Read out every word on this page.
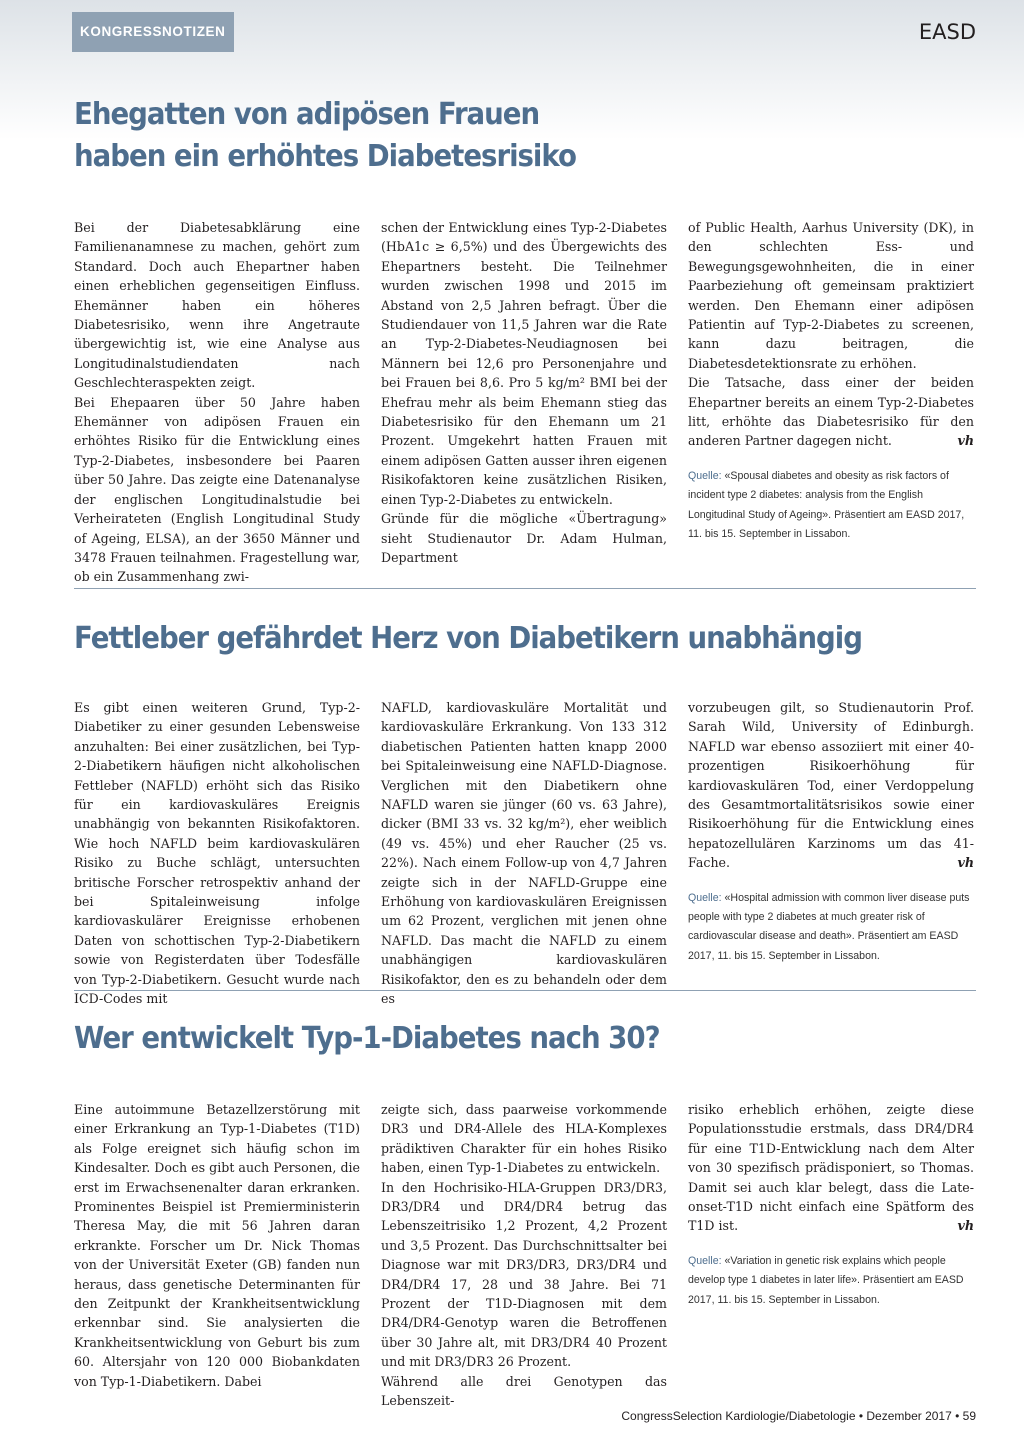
KONGRESSNOTIZEN	EASD
Ehegatten von adipösen Frauen
haben ein erhöhtes Diabetesrisiko

Bei der Diabetesabklärung eine Familienanamnese zu machen, gehört zum Standard. Doch auch Ehepartner haben einen erheblichen gegenseitigen Einfluss. Ehemänner haben ein höheres Diabetesrisiko, wenn ihre Angetraute übergewichtig ist, wie eine Analyse aus Longitudinalstudiendaten nach Geschlechteraspekten zeigt.

Bei Ehepaaren über 50 Jahre haben Ehemänner von adipösen Frauen ein erhöhtes Risiko für die Entwicklung eines Typ-2-Diabetes, insbesondere bei Paaren über 50 Jahre. Das zeigte eine Datenanalyse der englischen Longitudinalstudie bei Verheirateten (English Longitudinal Study of Ageing, ELSA), an der 3650 Männer und 3478 Frauen teilnahmen. Fragestellung war, ob ein Zusammenhang zwi-

schen der Entwicklung eines Typ-2-Diabetes (HbA1c ≥ 6,5%) und des Übergewichts des Ehepartners besteht. Die Teilnehmer wurden zwischen 1998 und 2015 im Abstand von 2,5 Jahren befragt. Über die Studiendauer von 11,5 Jahren war die Rate an Typ-2-Diabetes-Neudiagnosen bei Männern bei 12,6 pro Personenjahre und bei Frauen bei 8,6. Pro 5 kg/m² BMI bei der Ehefrau mehr als beim Ehemann stieg das Diabetesrisiko für den Ehemann um 21 Prozent. Umgekehrt hatten Frauen mit einem adipösen Gatten ausser ihren eigenen Risikofaktoren keine zusätzlichen Risiken, einen Typ-2-Diabetes zu entwickeln.

Gründe für die mögliche «Übertragung» sieht Studienautor Dr. Adam Hulman, Department

of Public Health, Aarhus University (DK), in den schlechten Ess- und Bewegungsgewohnheiten, die in einer Paarbeziehung oft gemeinsam praktiziert werden. Den Ehemann einer adipösen Patientin auf Typ-2-Diabetes zu screenen, kann dazu beitragen, die Diabetesdetektionsrate zu erhöhen.

Die Tatsache, dass einer der beiden Ehepartner bereits an einem Typ-2-Diabetes litt, erhöhte das Diabetesrisiko für den anderen Partner dagegen nicht.	vh

Quelle: «Spousal diabetes and obesity as risk factors of incident type 2 diabetes: analysis from the English Longitudinal Study of Ageing». Präsentiert am EASD 2017, 11. bis 15. September in Lissabon.

Fettleber gefährdet Herz von Diabetikern unabhängig

Es gibt einen weiteren Grund, Typ-2-Diabetiker zu einer gesunden Lebensweise anzuhalten: Bei einer zusätzlichen, bei Typ-2-Diabetikern häufigen nicht alkoholischen Fettleber (NAFLD) erhöht sich das Risiko für ein kardiovaskuläres Ereignis unabhängig von bekannten Risikofaktoren. Wie hoch NAFLD beim kardiovaskulären Risiko zu Buche schlägt, untersuchten britische Forscher retrospektiv anhand der bei Spitaleinweisung infolge kardiovaskulärer Ereignisse erhobenen Daten von schottischen Typ-2-Diabetikern sowie von Registerdaten über Todesfälle von Typ-2-Diabetikern. Gesucht wurde nach ICD-Codes mit

NAFLD, kardiovaskuläre Mortalität und kardiovaskuläre Erkrankung. Von 133 312 diabetischen Patienten hatten knapp 2000 bei Spitaleinweisung eine NAFLD-Diagnose. Verglichen mit den Diabetikern ohne NAFLD waren sie jünger (60 vs. 63 Jahre), dicker (BMI 33 vs. 32 kg/m²), eher weiblich (49 vs. 45%) und eher Raucher (25 vs. 22%). Nach einem Follow-up von 4,7 Jahren zeigte sich in der NAFLD-Gruppe eine Erhöhung von kardiovaskulären Ereignissen um 62 Prozent, verglichen mit jenen ohne NAFLD. Das macht die NAFLD zu einem unabhängigen kardiovaskulären Risikofaktor, den es zu behandeln oder dem es

vorzubeugen gilt, so Studienautorin Prof. Sarah Wild, University of Edinburgh. NAFLD war ebenso assoziiert mit einer 40-prozentigen Risikoerhöhung für kardiovaskulären Tod, einer Verdoppelung des Gesamtmortalitätsrisikos sowie einer Risikoerhöhung für die Entwicklung eines hepatozellulären Karzinoms um das 41-Fache.	vh

Quelle: «Hospital admission with common liver disease puts people with type 2 diabetes at much greater risk of cardiovascular disease and death». Präsentiert am EASD 2017, 11. bis 15. September in Lissabon.

Wer entwickelt Typ-1-Diabetes nach 30?

Eine autoimmune Betazellzerstörung mit einer Erkrankung an Typ-1-Diabetes (T1D) als Folge ereignet sich häufig schon im Kindesalter. Doch es gibt auch Personen, die erst im Erwachsenenalter daran erkranken. Prominentes Beispiel ist Premierministerin Theresa May, die mit 56 Jahren daran erkrankte. Forscher um Dr. Nick Thomas von der Universität Exeter (GB) fanden nun heraus, dass genetische Determinanten für den Zeitpunkt der Krankheitsentwicklung erkennbar sind. Sie analysierten die Krankheitsentwicklung von Geburt bis zum 60. Altersjahr von 120 000 Biobankdaten von Typ-1-Diabetikern. Dabei

zeigte sich, dass paarweise vorkommende DR3 und DR4-Allele des HLA-Komplexes prädiktiven Charakter für ein hohes Risiko haben, einen Typ-1-Diabetes zu entwickeln.

In den Hochrisiko-HLA-Gruppen DR3/DR3, DR3/DR4 und DR4/DR4 betrug das Lebenszeitrisiko 1,2 Prozent, 4,2 Prozent und 3,5 Prozent. Das Durchschnittsalter bei Diagnose war mit DR3/DR3, DR3/DR4 und DR4/DR4 17, 28 und 38 Jahre. Bei 71 Prozent der T1D-Diagnosen mit dem DR4/DR4-Genotyp waren die Betroffenen über 30 Jahre alt, mit DR3/DR4 40 Prozent und mit DR3/DR3 26 Prozent.

Während alle drei Genotypen das Lebenszeit-

risiko erheblich erhöhen, zeigte diese Populationsstudie erstmals, dass DR4/DR4 für eine T1D-Entwicklung nach dem Alter von 30 spezifisch prädisponiert, so Thomas. Damit sei auch klar belegt, dass die Late-onset-T1D nicht einfach eine Spätform des T1D ist.	vh

Quelle: «Variation in genetic risk explains which people develop type 1 diabetes in later life». Präsentiert am EASD 2017, 11. bis 15. September in Lissabon.

CongressSelection Kardiologie/Diabetologie • Dezember 2017 • 59
